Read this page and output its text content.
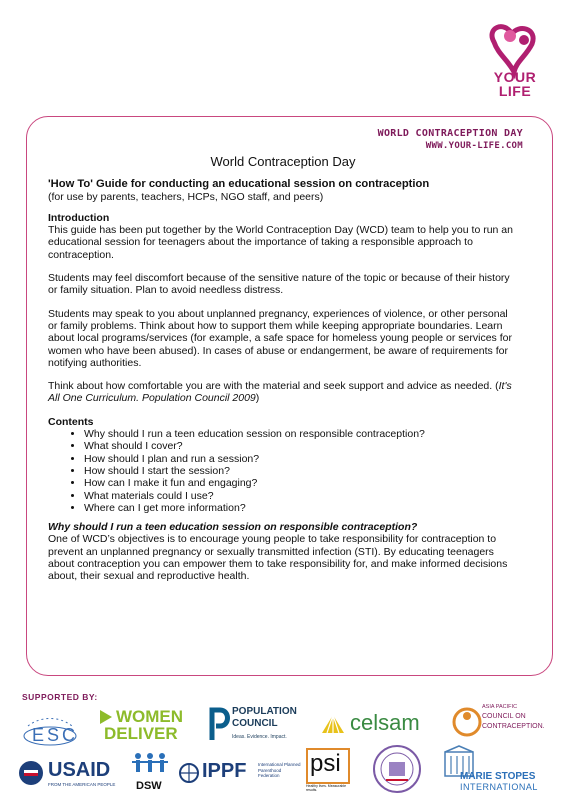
YOUR
LIFE
WORLD CONTRACEPTION DAY
WWW.YOUR-LIFE.COM
World Contraception Day
'How To' Guide for conducting an educational session on contraception
(for use by parents, teachers, HCPs, NGO staff, and peers)
Introduction

This guide has been put together by the World Contraception Day (WCD) team to help you to run an educational session for teenagers about the importance of taking a responsible approach to contraception.

Students may feel discomfort because of the sensitive nature of the topic or because of their history or family situation. Plan to avoid needless distress.

Students may speak to you about unplanned pregnancy, experiences of violence, or other personal or family problems. Think about how to support them while keeping appropriate boundaries. Learn about local programs/services (for example, a safe space for homeless young people or services for women who have been abused). In cases of abuse or endangerment, be aware of requirements for notifying authorities.

Think about how comfortable you are with the material and seek support and advice as needed. (It's All One Curriculum. Population Council 2009)

Contents
• Why should I run a teen education session on responsible contraception?
• What should I cover?
• How should I plan and run a session?
• How should I start the session?
• How can I make it fun and engaging?
• What materials could I use?
• Where can I get more information?
Why should I run a teen education session on responsible contraception?

One of WCD’s objectives is to encourage young people to take responsibility for contraception to prevent an unplanned pregnancy or sexually transmitted infection (STI). By educating teenagers about contraception you can empower them to take responsibility for, and make informed decisions about, their sexual and reproductive health.

SUPPORTED BY:
ESC
WOMEN
DELIVER
POPULATION
COUNCIL
Ideas. Evidence. Impact.
celsam
ASIA PACIFIC
COUNCIL ON
CONTRACEPTION.
USAID
FROM THE AMERICAN PEOPLE DSW
IPPF	International Planned Parenthood Federation	psi
Healthy lives. Measurable results.
MARIE STOPES
INTERNATIONAL
